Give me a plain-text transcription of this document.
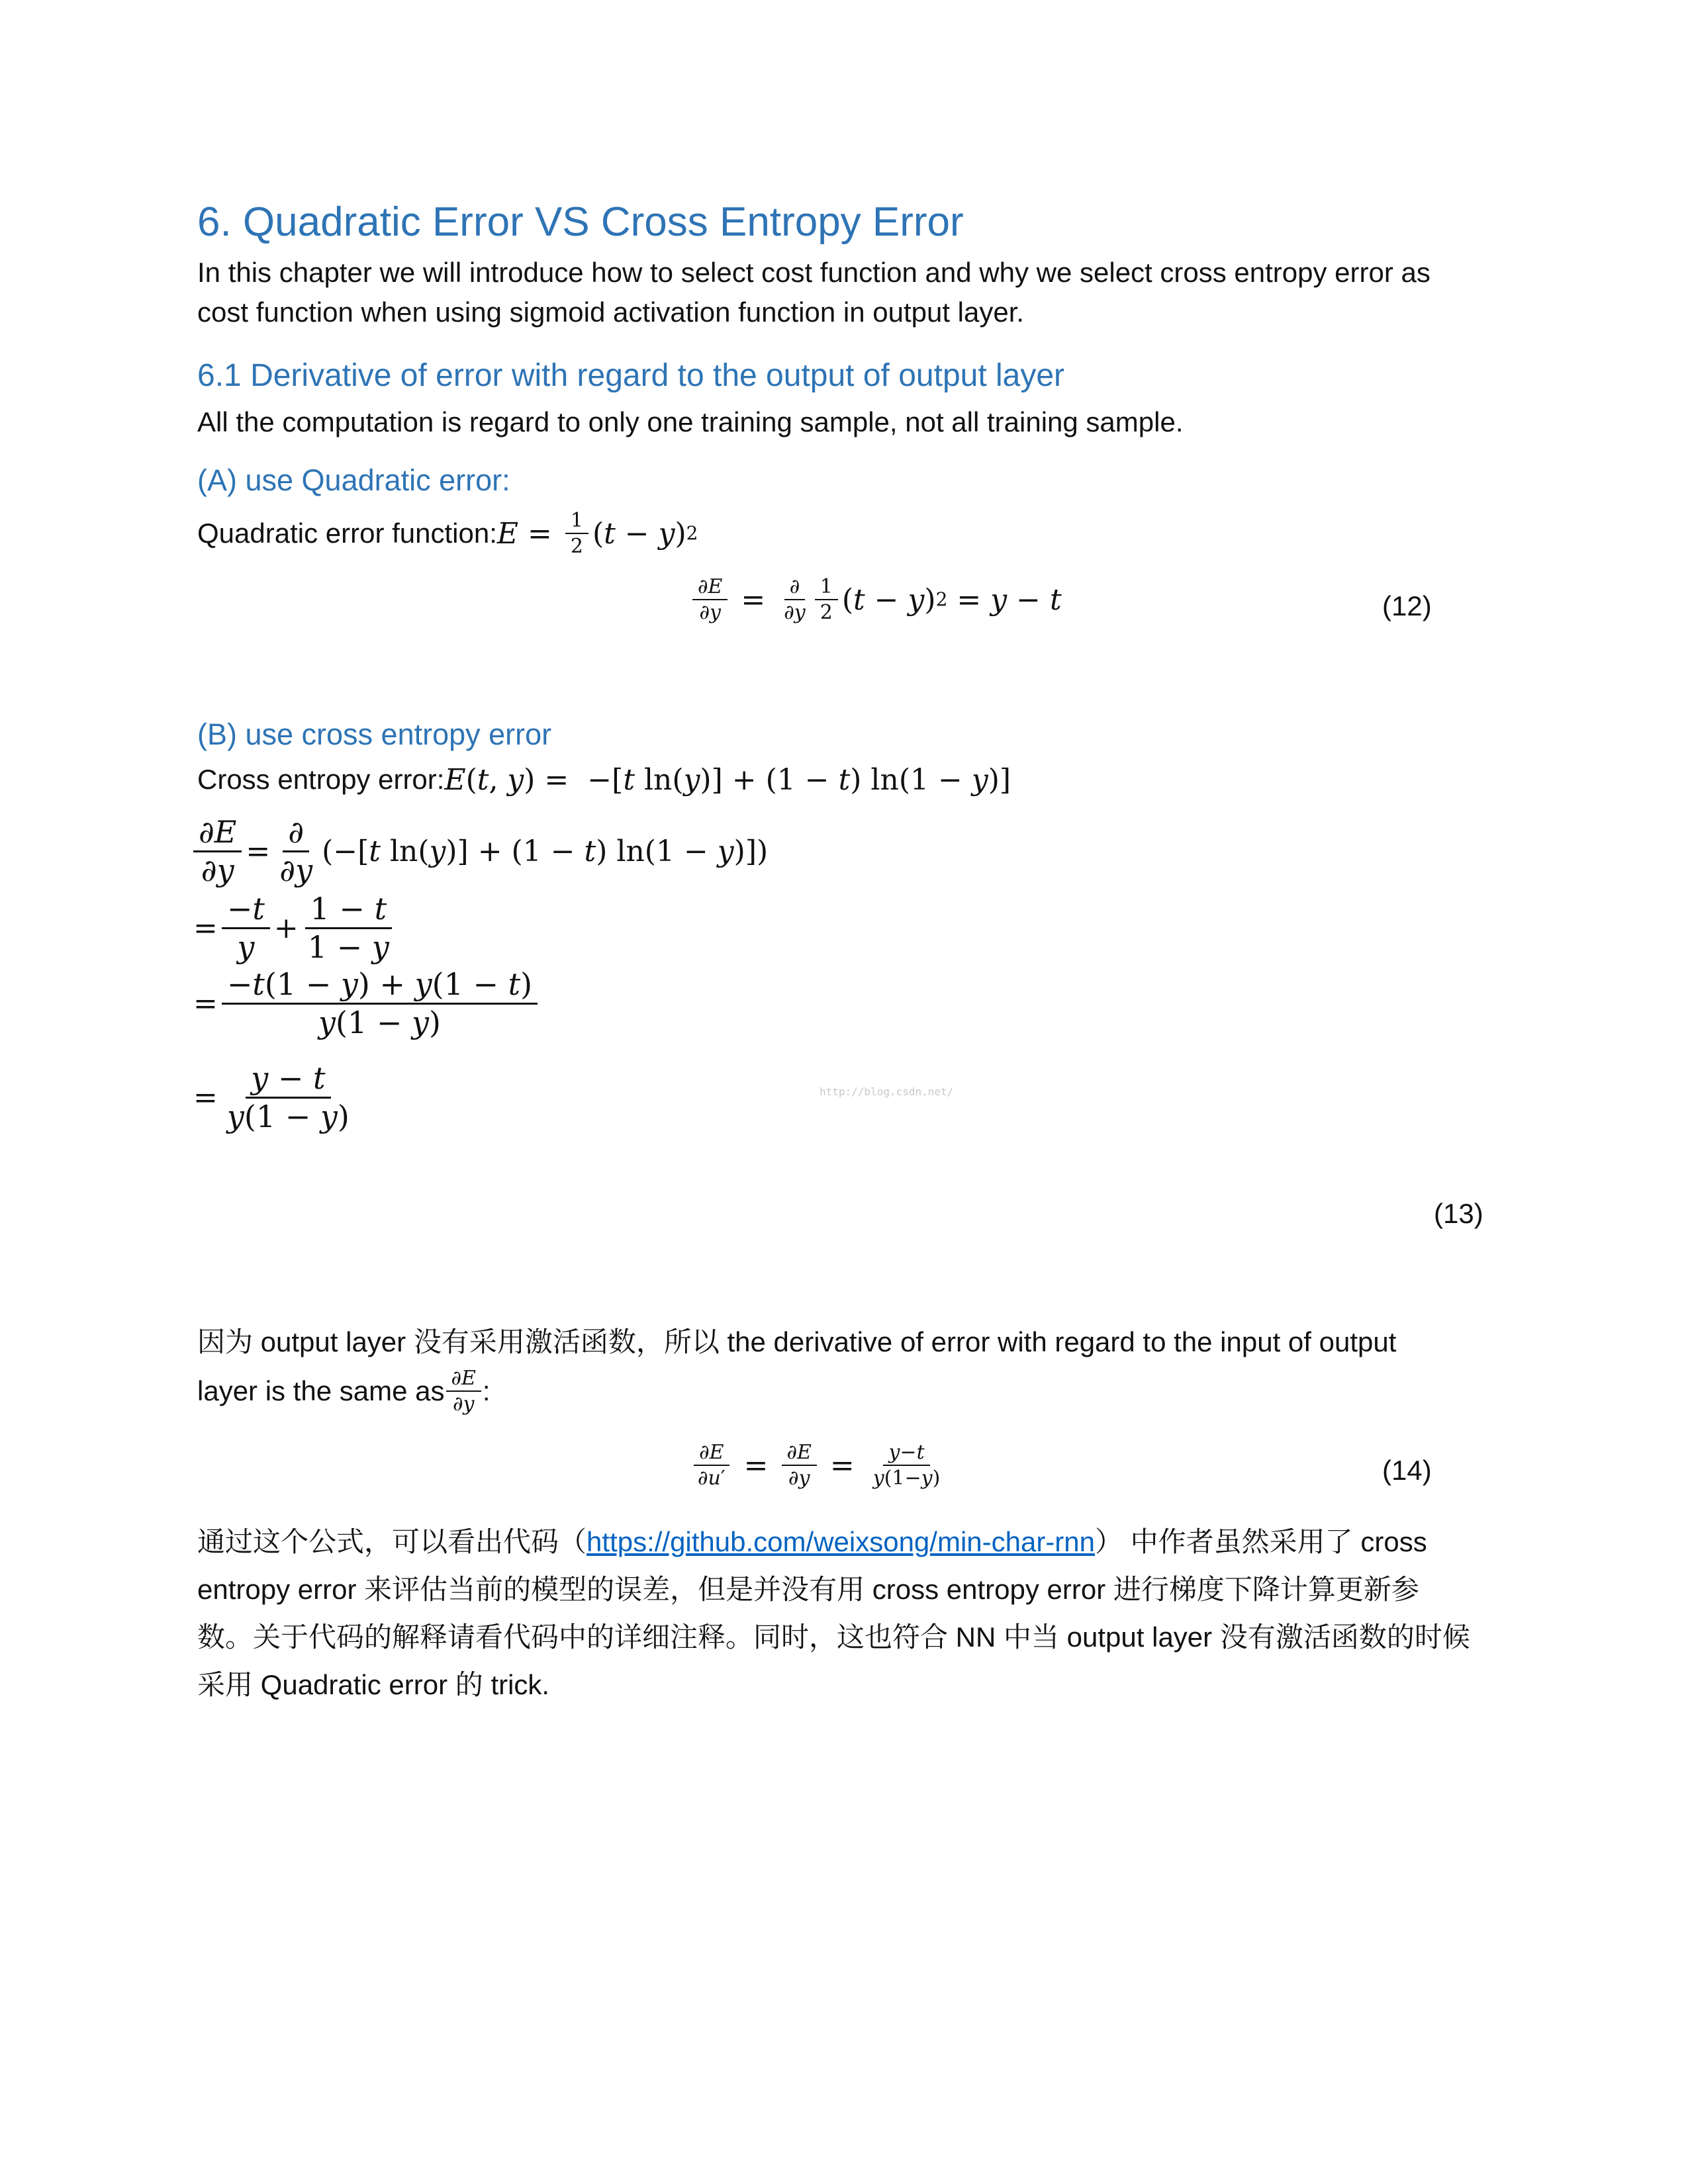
6. Quadratic Error VS Cross Entropy Error
In this chapter we will introduce how to select cost function and why we select cross entropy error as cost function when using sigmoid activation function in output layer.
6.1 Derivative of error with regard to the output of output layer
All the computation is regard to only one training sample, not all training sample.
(A) use Quadratic error:
Quadratic error function: $E = \frac{1}{2}$ ( t − y ) 2
$\frac{\partial E}{\partial y} = \frac{\partial}{\partial y} \frac{1}{2}$ ( t − y ) 2 = y − t	(12)
(B) use cross entropy error
Cross entropy error: E ( t , y ) =  −[ t ln( y )] + (1 − t ) ln(1 − y )]
$\frac{\partial E}{\partial y} = \frac{\partial}{\partial y}$ (−[ t ln( y )] + (1 − t ) ln(1 − y )])
= $\frac{-t}{y} + \frac{1 - t}{1 - y}$
= $\frac{-t(1 - y) + y(1 - t)}{y(1 - y)}$
= $\frac{y - t}{y(1 - y)}$	http://blog.csdn.net/
(13)
因为 output layer 没有采用激活函数，所以 the derivative of error with regard to the input of output
layer is the same as $\frac{\partial E}{\partial y}$ :
$\frac{\partial E}{\partial u'} = \frac{\partial E}{\partial y} = \frac{y-t}{y(1-y)}$	(14)
通过这个公式，可以看出代码（https://github.com/weixsong/min-char-rnn） 中作者虽然采用了 cross
entropy error 来评估当前的模型的误差，但是并没有用 cross entropy error 进行梯度下降计算更新参
数。关于代码的解释请看代码中的详细注释。同时，这也符合 NN 中当 output layer 没有激活函数的时候
采用 Quadratic error 的 trick.
